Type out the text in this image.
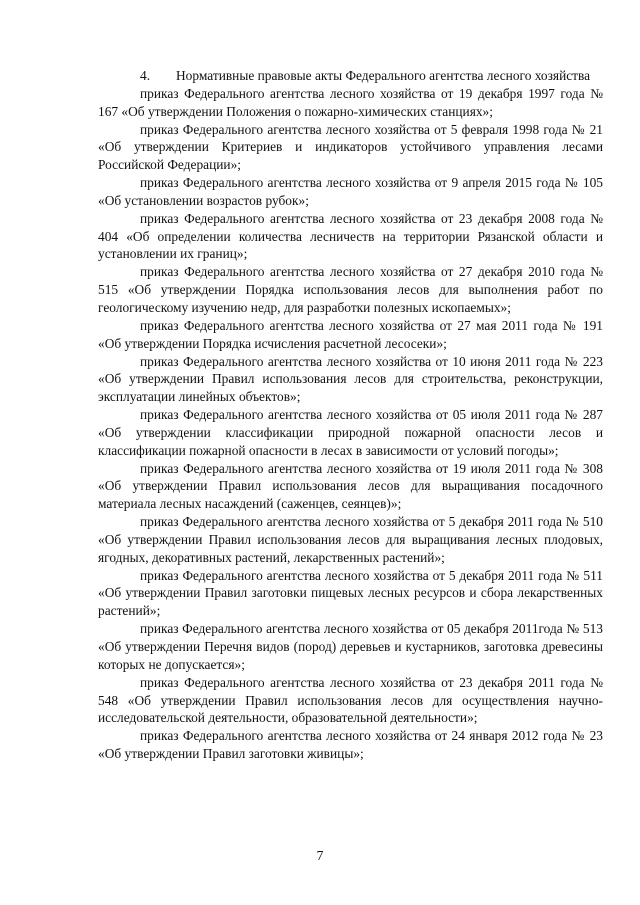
4. Нормативные правовые акты Федерального агентства лесного хозяйства

приказ Федерального агентства лесного хозяйства от 19 декабря 1997 года № 167 «Об утверждении Положения о пожарно-химических станциях»;

приказ Федерального агентства лесного хозяйства от 5 февраля 1998 года № 21 «Об утверждении Критериев и индикаторов устойчивого управления лесами Российской Федерации»;

приказ Федерального агентства лесного хозяйства от 9 апреля 2015 года № 105 «Об установлении возрастов рубок»;

приказ Федерального агентства лесного хозяйства от 23 декабря 2008 года № 404 «Об определении количества лесничеств на территории Рязанской области и установлении их границ»;

приказ Федерального агентства лесного хозяйства от 27 декабря 2010 года № 515 «Об утверждении Порядка использования лесов для выполнения работ по геологическому изучению недр, для разработки полезных ископаемых»;

приказ Федерального агентства лесного хозяйства от 27 мая 2011 года № 191 «Об утверждении Порядка исчисления расчетной лесосеки»;

приказ Федерального агентства лесного хозяйства от 10 июня 2011 года № 223 «Об утверждении Правил использования лесов для строительства, реконструкции, эксплуатации линейных объектов»;

приказ Федерального агентства лесного хозяйства от 05 июля 2011 года № 287 «Об утверждении классификации природной пожарной опасности лесов и классификации пожарной опасности в лесах в зависимости от условий погоды»;

приказ Федерального агентства лесного хозяйства от 19 июля 2011 года № 308 «Об утверждении Правил использования лесов для выращивания посадочного материала лесных насаждений (саженцев, сеянцев)»;

приказ Федерального агентства лесного хозяйства от 5 декабря 2011 года № 510 «Об утверждении Правил использования лесов для выращивания лесных плодовых, ягодных, декоративных растений, лекарственных растений»;

приказ Федерального агентства лесного хозяйства от 5 декабря 2011 года № 511 «Об утверждении Правил заготовки пищевых лесных ресурсов и сбора лекарственных растений»;

приказ Федерального агентства лесного хозяйства от 05 декабря 2011года № 513 «Об утверждении Перечня видов (пород) деревьев и кустарников, заготовка древесины которых не допускается»;

приказ Федерального агентства лесного хозяйства от 23 декабря 2011 года № 548 «Об утверждении Правил использования лесов для осуществления научно-исследовательской деятельности, образовательной деятельности»;

приказ Федерального агентства лесного хозяйства от 24 января 2012 года № 23 «Об утверждении Правил заготовки живицы»;

7
